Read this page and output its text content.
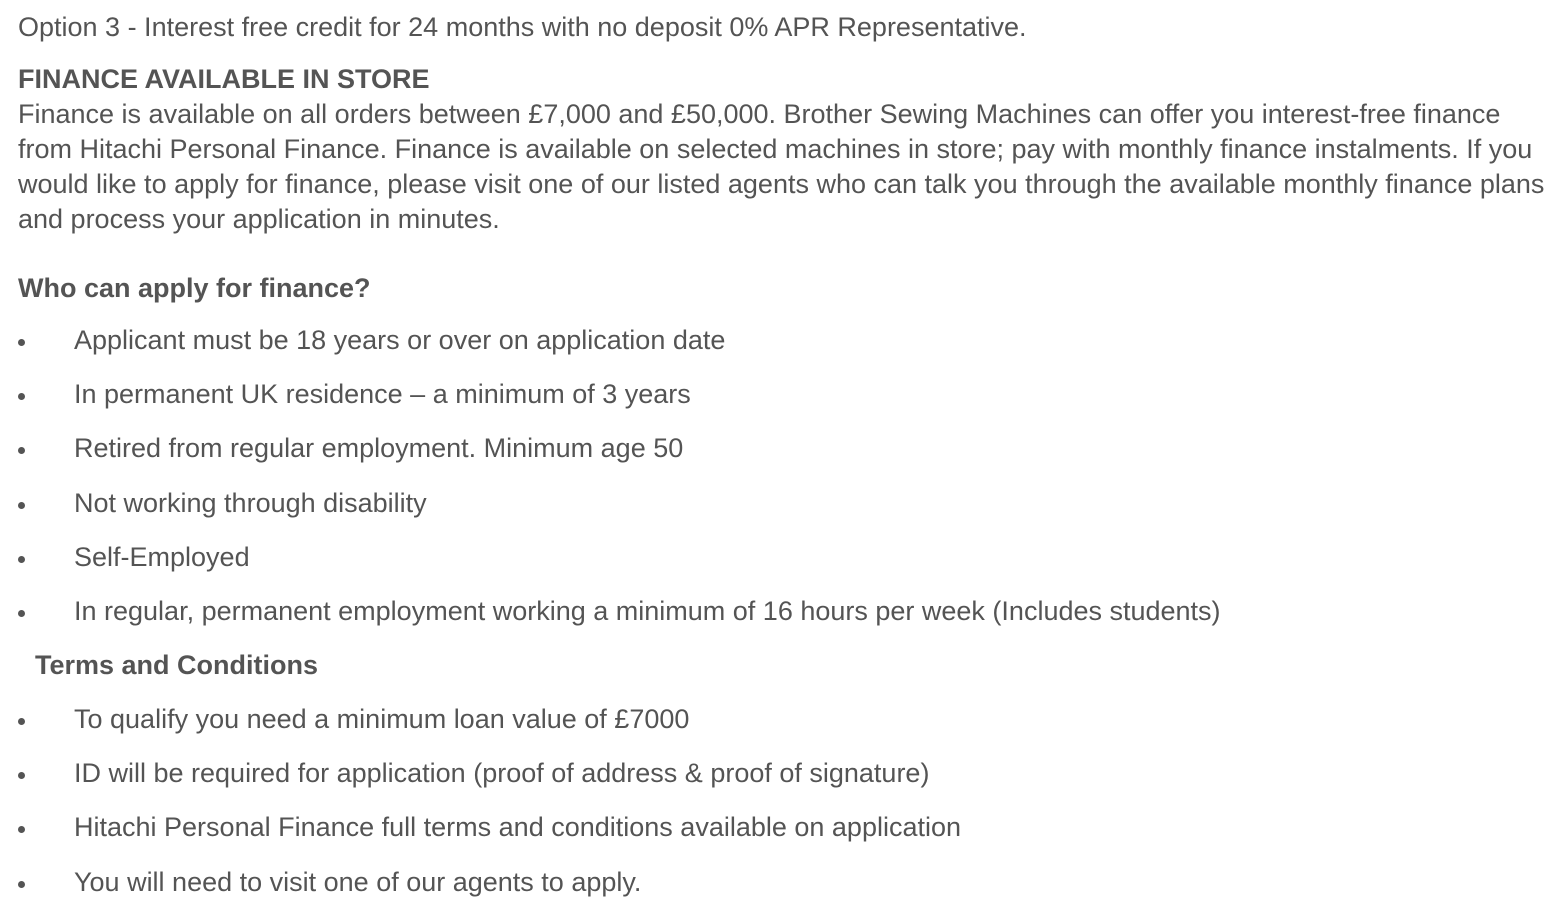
Option 3 - Interest free credit for 24 months with no deposit 0% APR Representative.
FINANCE AVAILABLE IN STORE

Finance is available on all orders between £7,000 and £50,000. Brother Sewing Machines can offer you interest-free finance from Hitachi Personal Finance. Finance is available on selected machines in store; pay with monthly finance instalments. If you would like to apply for finance, please visit one of our listed agents who can talk you through the available monthly finance plans and process your application in minutes.

Who can apply for finance?
Applicant must be 18 years or over on application date
In permanent UK residence – a minimum of 3 years
Retired from regular employment. Minimum age 50
Not working through disability
Self-Employed
In regular, permanent employment working a minimum of 16 hours per week (Includes students)
Terms and Conditions
To qualify you need a minimum loan value of £7000
ID will be required for application (proof of address & proof of signature)
Hitachi Personal Finance full terms and conditions available on application
You will need to visit one of our agents to apply.
